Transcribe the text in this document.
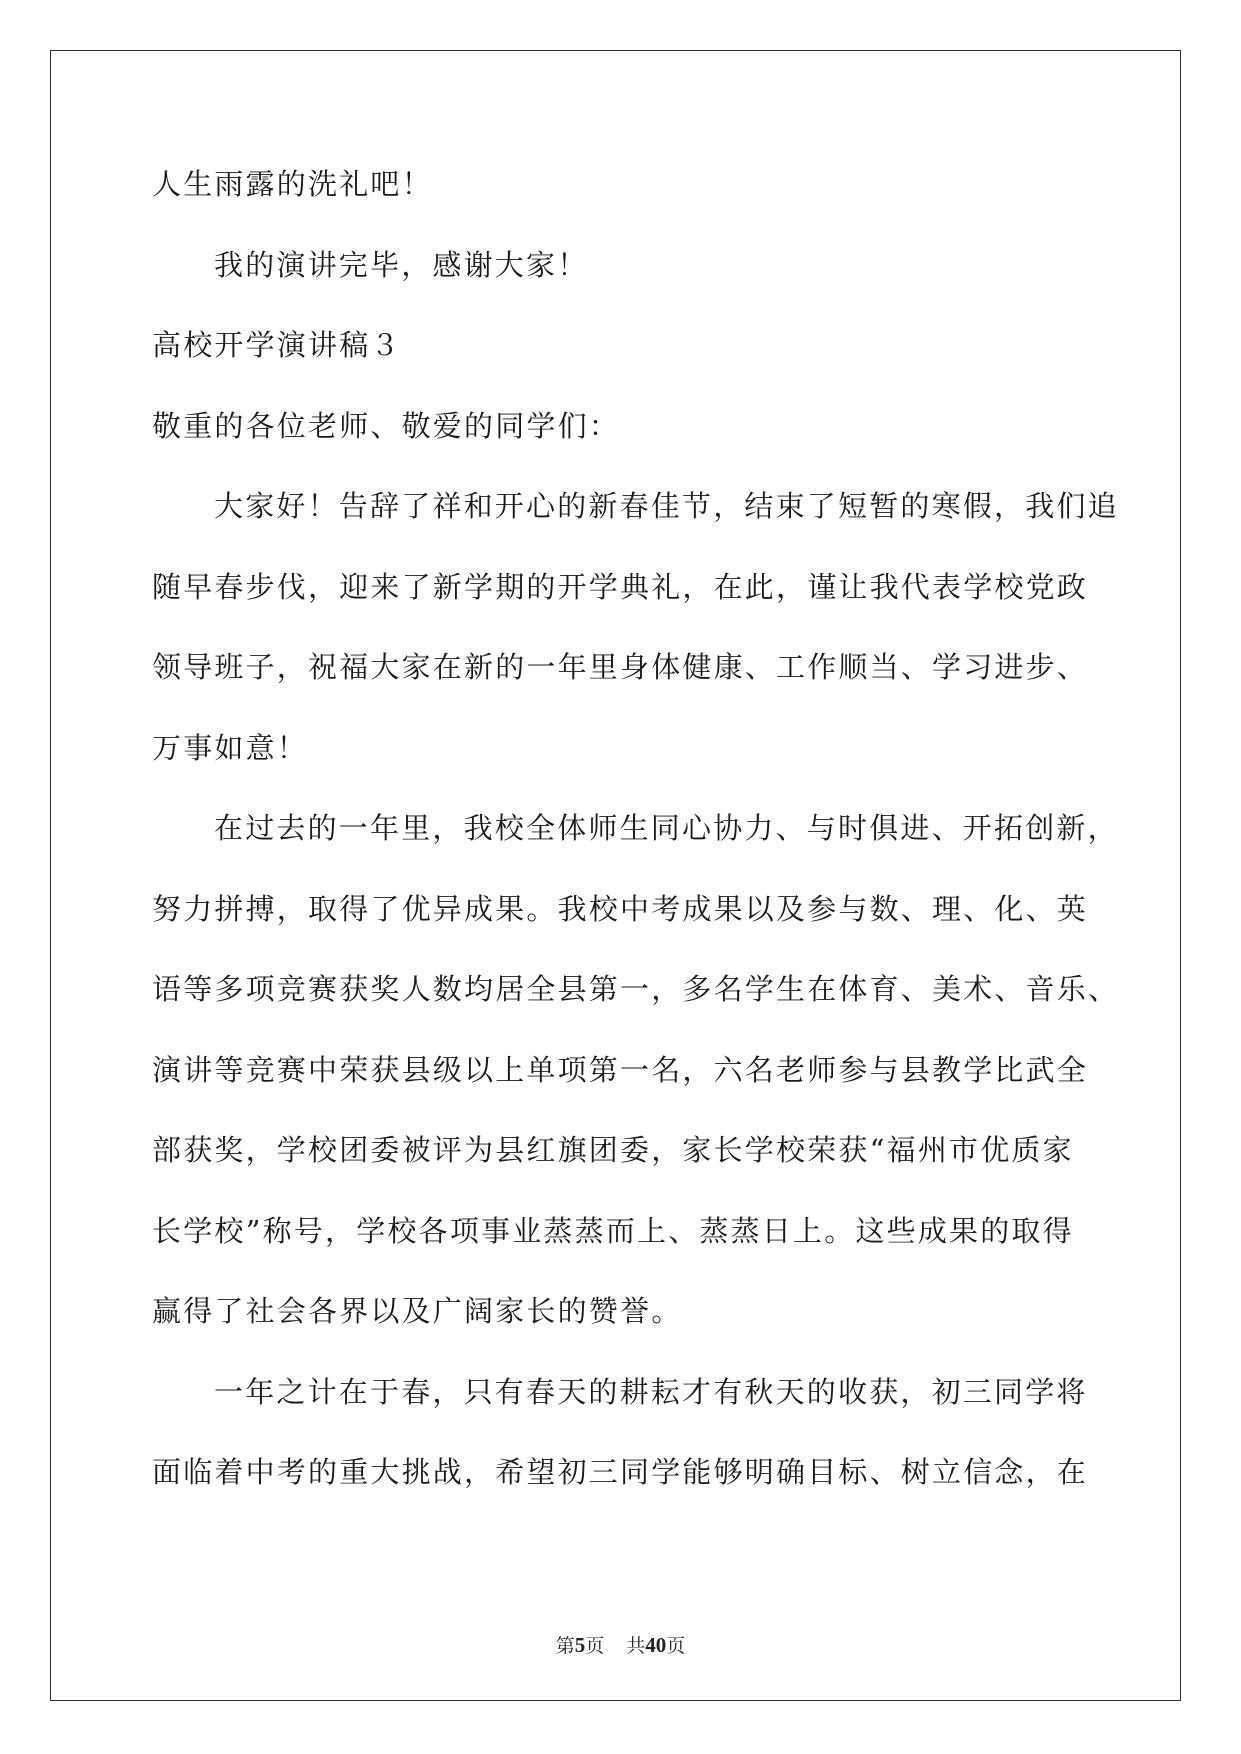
人生雨露的洗礼吧！
我的演讲完毕，感谢大家！
高校开学演讲稿３
敬重的各位老师、敬爱的同学们：
大家好！告辞了祥和开心的新春佳节，结束了短暂的寒假，我们追
随早春步伐，迎来了新学期的开学典礼，在此，谨让我代表学校党政
领导班子，祝福大家在新的一年里身体健康、工作顺当、学习进步、
万事如意！
在过去的一年里，我校全体师生同心协力、与时俱进、开拓创新，
努力拼搏，取得了优异成果。我校中考成果以及参与数、理、化、英
语等多项竞赛获奖人数均居全县第一，多名学生在体育、美术、音乐、
演讲等竞赛中荣获县级以上单项第一名，六名老师参与县教学比武全
部获奖，学校团委被评为县红旗团委，家长学校荣获“福州市优质家
长学校”称号，学校各项事业蒸蒸而上、蒸蒸日上。这些成果的取得
赢得了社会各界以及广阔家长的赞誉。
一年之计在于春，只有春天的耕耘才有秋天的收获，初三同学将
面临着中考的重大挑战，希望初三同学能够明确目标、树立信念，在
第5页 共40页
